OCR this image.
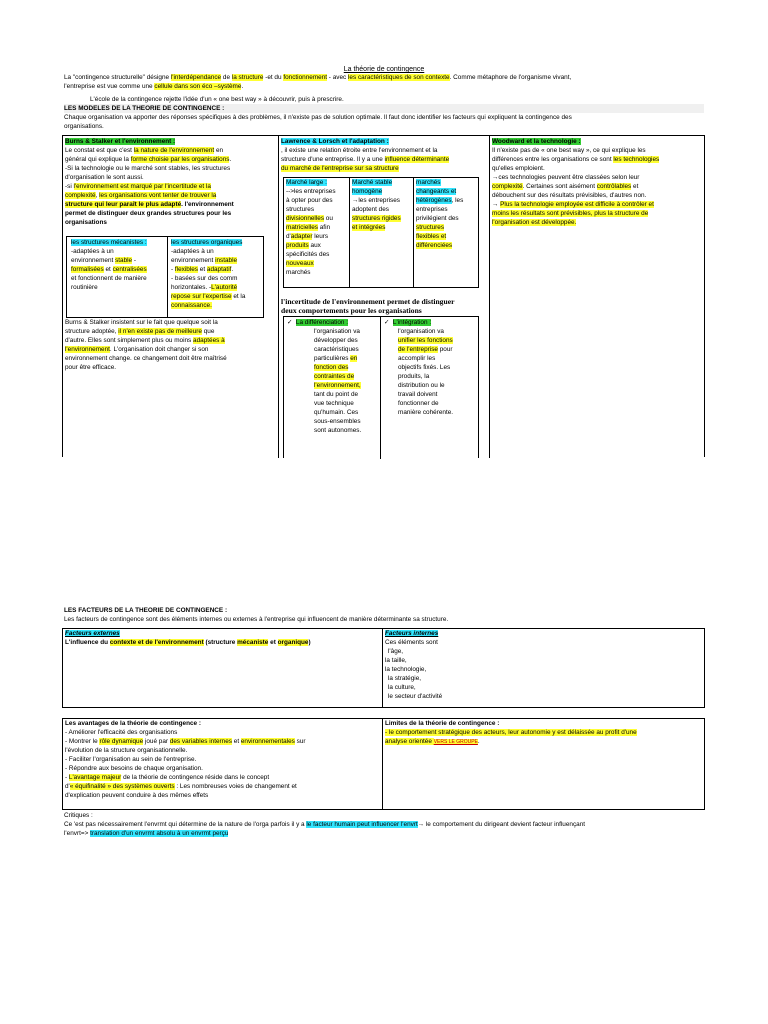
La théorie de contingence
La "contingence structurelle" désigne l'interdépendance de la structure -et du fonctionnement - avec les caractéristiques de son contexte. Comme métaphore de l'organisme vivant,
l'entreprise est vue comme une cellule dans son éco –système.
L'école de la contingence rejette l'idée d'un « one best way » à découvrir, puis à prescrire.
LES MODELES DE LA THEORIE DE CONTINGENCE :
Chaque organisation va apporter des réponses spécifiques à des problèmes, il n'existe pas de solution optimale. Il faut donc identifier les facteurs qui expliquent la contingence des
organisations.
Burns & Stalker et l'environnement :
Le constat est que c'est la nature de l'environnement en
général qui explique la forme choisie par les organisations.
-Si la technologie ou le marché sont stables, les structures
d'organisation le sont aussi.
-si l'environnement est marqué par l'incertitude et la
complexité, les organisations vont tenter de trouver la
structure qui leur paraît le plus adapté. l'environnement
permet de distinguer deux grandes structures pour les
organisations
les structures mécanistes :
-adaptées à un
environnement stable -
formalisées et centralisées
et fonctionnent de manière
routinière
les structures organiques
-adaptées à un
environnement instable
- flexibles et adaptatif.
- basées sur des comm
horizontales. -L'autorité
repose sur l'expertise et la
connaissance.
Burns & Stalker insistent sur le fait que quelque soit la
structure adoptée, il n'en existe pas de meilleure que
d'autre. Elles sont simplement plus ou moins adaptées à
l'environnement. L'organisation doit changer si son
environnement change. ce changement doit être maîtrisé
pour être efficace.
Lawrence & Lorsch et l'adaptation :
, il existe une relation étroite entre l'environnement et la
structure d'une entreprise. Il y a une influence déterminante
du marché de l'entreprise sur sa structure
Marché large :
-->les entreprises
à opter pour des
structures
divisionnelles ou
matricielles afin
d'adapter leurs
produits aux
spécificités des
nouveaux
marchés
Marché stable
homogène
→les entreprises
adoptent des
structures rigides
et intégrées
marchés
changeants et
hétérogènes, les
entreprises
privilégient des
structures
flexibles et
différenciées
l'incertitude de l'environnement permet de distinguer
deux comportements pour les organisations
✓ La différenciation :
l'organisation va
développer des
caractéristiques
particulières en
fonction des
contraintes de
l'environnement,
tant du point de
vue technique
qu'humain. Ces
sous-ensembles
sont autonomes.
✓ L'intégration :
l'organisation va
unifier les fonctions
de l'entreprise pour
accomplir les
objectifs fixés. Les
produits, la
distribution ou le
travail doivent
fonctionner de
manière cohérente.
Woodward et la technologie :
Il n'existe pas de « one best way », ce qui explique les
différences entre les organisations ce sont les technologies
qu'elles emploient.
→ces technologies peuvent être classées selon leur
complexité. Certaines sont aisément contrôlables et
débouchent sur des résultats prévisibles, d'autres non.
→ Plus la technologie employée est difficile à contrôler et
moins les résultats sont prévisibles, plus la structure de
l'organisation est développée.
LES FACTEURS DE LA THEORIE DE CONTINGENCE :
Les facteurs de contingence sont des éléments internes ou externes à l'entreprise qui influencent de manière déterminante sa structure.
Facteurs externes
L'influence du contexte et de l'environnement (structure mécaniste et organique)
Facteurs internes
Ces éléments sont
l'âge,
la taille,
la technologie,
la stratégie,
la culture,
le secteur d'activité
Les avantages de la théorie de contingence :
- Améliorer l'efficacité des organisations
- Montrer le rôle dynamique joué par des variables internes et environnementales sur
l'évolution de la structure organisationnelle.
- Faciliter l'organisation au sein de l'entreprise.
- Répondre aux besoins de chaque organisation.
- L'avantage majeur de la théorie de contingence réside dans le concept
d'« équifinalité » des systèmes ouverts : Les nombreuses voies de changement et
d'explication peuvent conduire à des mêmes effets
Limites de la théorie de contingence :
- le comportement stratégique des acteurs, leur autonomie y est délaissée au profit d'une
analyse orientée VERS LE GROUPE.
Critiques :
Ce 'est pas nécessairement l'envrmt qui détermine de la nature de l'orga parfois il y a le facteur humain peut influencer l'envrt→ le comportement du dirigeant devient facteur influençant
l'envrt=> translation d'un envrmt absolu à un envrmt perçu
